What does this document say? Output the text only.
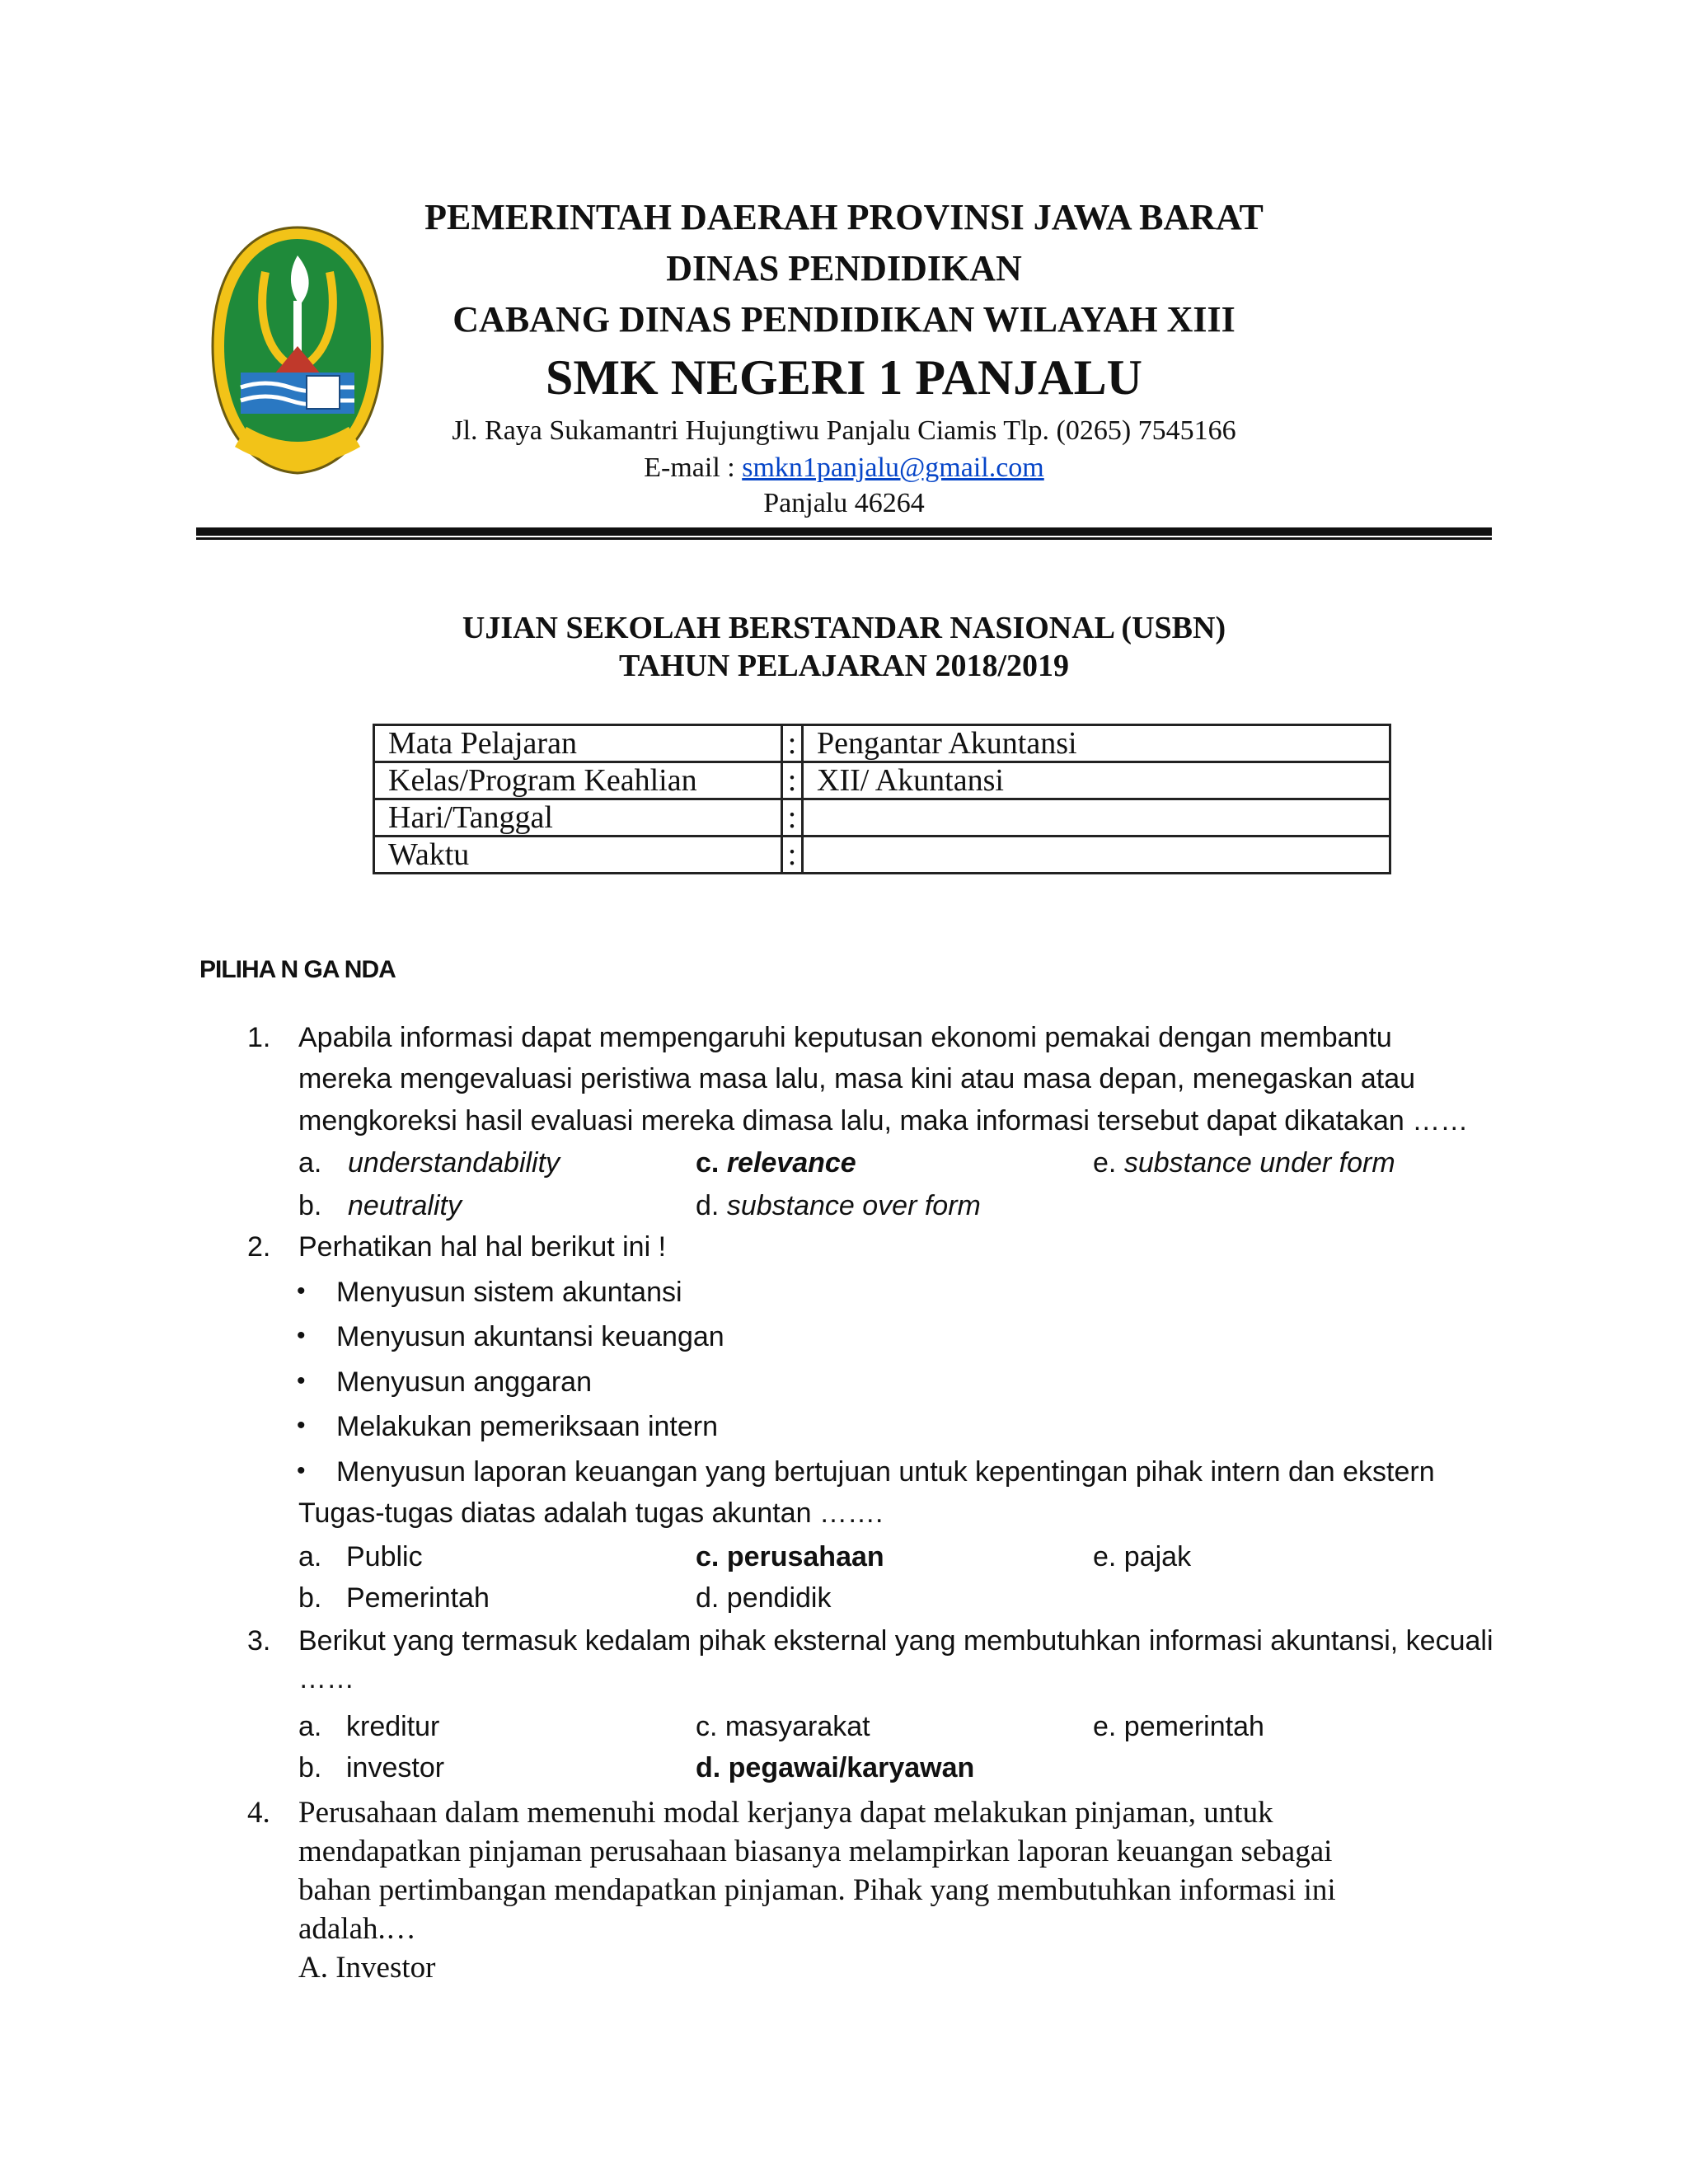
PEMERINTAH DAERAH PROVINSI JAWA BARAT
DINAS PENDIDIKAN
CABANG DINAS PENDIDIKAN WILAYAH XIII
SMK NEGERI 1 PANJALU
Jl. Raya Sukamantri Hujungtiwu Panjalu Ciamis Tlp. (0265) 7545166
E-mail : smkn1panjalu@gmail.com
Panjalu 46264
UJIAN SEKOLAH BERSTANDAR NASIONAL (USBN)
TAHUN PELAJARAN 2018/2019
Mata Pelajaran	:	Pengantar Akuntansi
Kelas/Program Keahlian	:	XII/ Akuntansi
Hari/Tanggal	:	
Waktu	:	
PILIHA N GA NDA
1. Apabila informasi dapat mempengaruhi keputusan ekonomi pemakai dengan membantu
mereka mengevaluasi peristiwa masa lalu, masa kini atau masa depan, menegaskan atau
mengkoreksi hasil evaluasi mereka dimasa lalu, maka informasi tersebut dapat dikatakan ……
a. understandability	c. relevance	e. substance under form
b. neutrality	d. substance over form
2. Perhatikan hal hal berikut ini !
• Menyusun sistem akuntansi
• Menyusun akuntansi keuangan
• Menyusun anggaran
• Melakukan pemeriksaan intern
• Menyusun laporan keuangan yang bertujuan untuk kepentingan pihak intern dan ekstern
Tugas-tugas diatas adalah tugas akuntan …….
a. Public	c. perusahaan	e. pajak
b. Pemerintah	d. pendidik
3. Berikut yang termasuk kedalam pihak eksternal yang membutuhkan informasi akuntansi, kecuali
……
a. kreditur	c. masyarakat	e. pemerintah
b. investor	d. pegawai/karyawan
4. Perusahaan dalam memenuhi modal kerjanya dapat melakukan pinjaman, untuk
mendapatkan pinjaman perusahaan biasanya melampirkan laporan keuangan sebagai
bahan pertimbangan mendapatkan pinjaman. Pihak yang membutuhkan informasi ini
adalah.…
A. Investor
